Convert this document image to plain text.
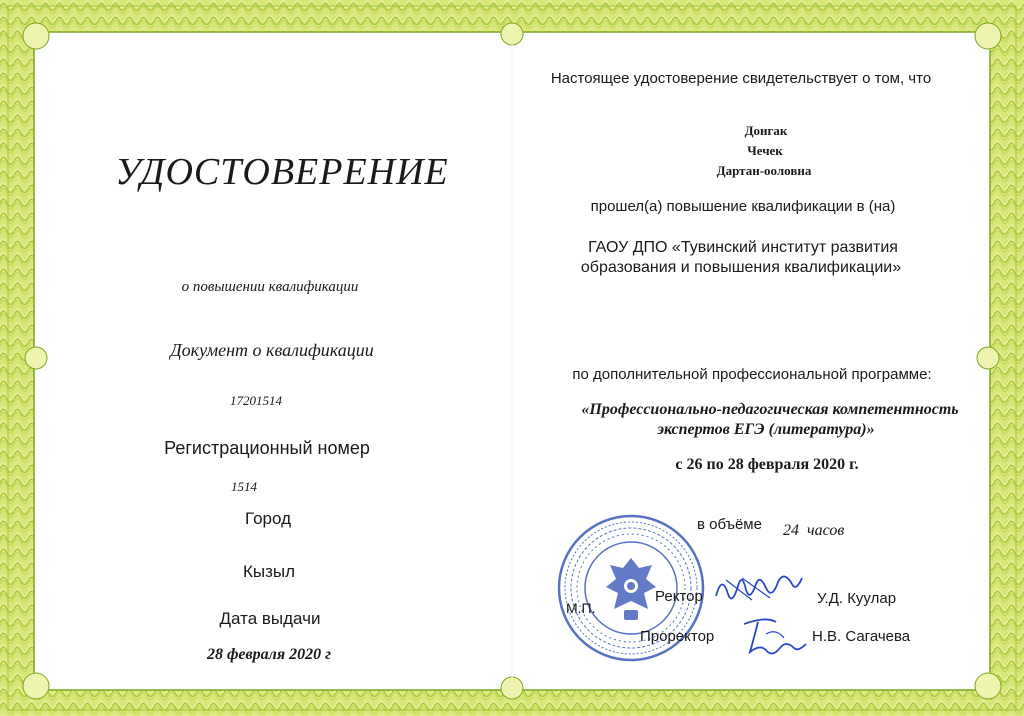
УДОСТОВЕРЕНИЕ
о повышении квалификации
Документ о квалификации
17201514
Регистрационный номер
1514
Город
Кызыл
Дата выдачи
28 февраля 2020 г
Настоящее удостоверение свидетельствует о том, что
Донгак
Чечек
Дартан-ооловна
прошел(а) повышение квалификации в (на)
ГАОУ ДПО «Тувинский институт развития
образования и повышения квалификации»
по дополнительной профессиональной программе:
«Профессионально-педагогическая компетентность
экспертов ЕГЭ (литература)»
с 26 по 28 февраля 2020 г.
в объёме 24 часов
М.П.
Ректор	У.Д. Куулар
Проректор	Н.В. Сагачева
